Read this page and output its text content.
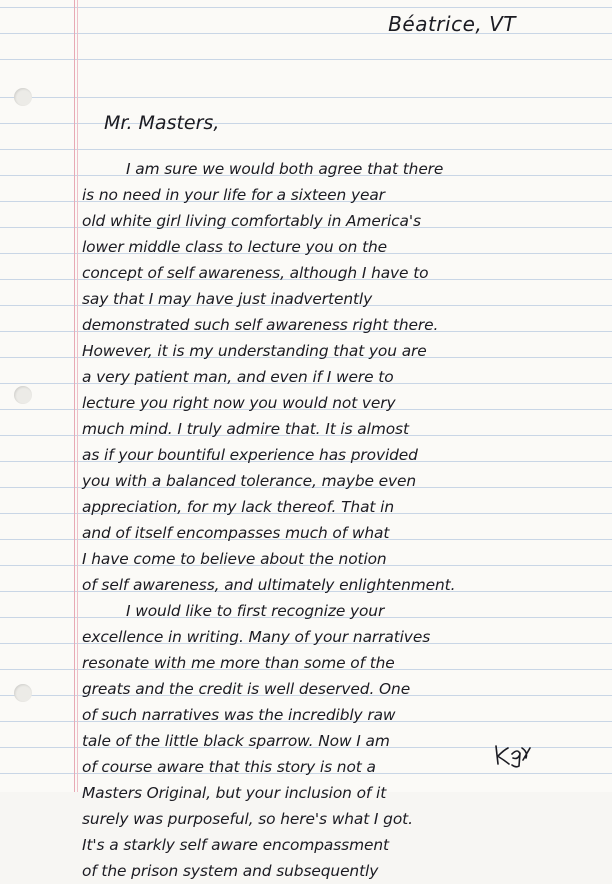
Béatrice, VT

Mr. Masters,

I am sure we would both agree that there
is no need in your life for a sixteen year
old white girl living comfortably in America's
lower middle class to lecture you on the
concept of self awareness, although I have to
say that I may have just inadvertently
demonstrated such self awareness right there.
However, it is my understanding that you are
a very patient man, and even if I were to
lecture you right now you would not very
much mind. I truly admire that. It is almost
as if your bountiful experience has provided
you with a balanced tolerance, maybe even
appreciation, for my lack thereof. That in
and of itself encompasses much of what
I have come to believe about the notion
of self awareness, and ultimately enlightenment.
I would like to first recognize your
excellence in writing. Many of your narratives
resonate with me more than some of the
greats and the credit is well deserved. One
of such narratives was the incredibly raw
tale of the little black sparrow. Now I am
of course aware that this story is not a
Masters Original, but your inclusion of it
surely was purposeful, so here's what I got.
It's a starkly self aware encompassment
of the prison system and subsequently
